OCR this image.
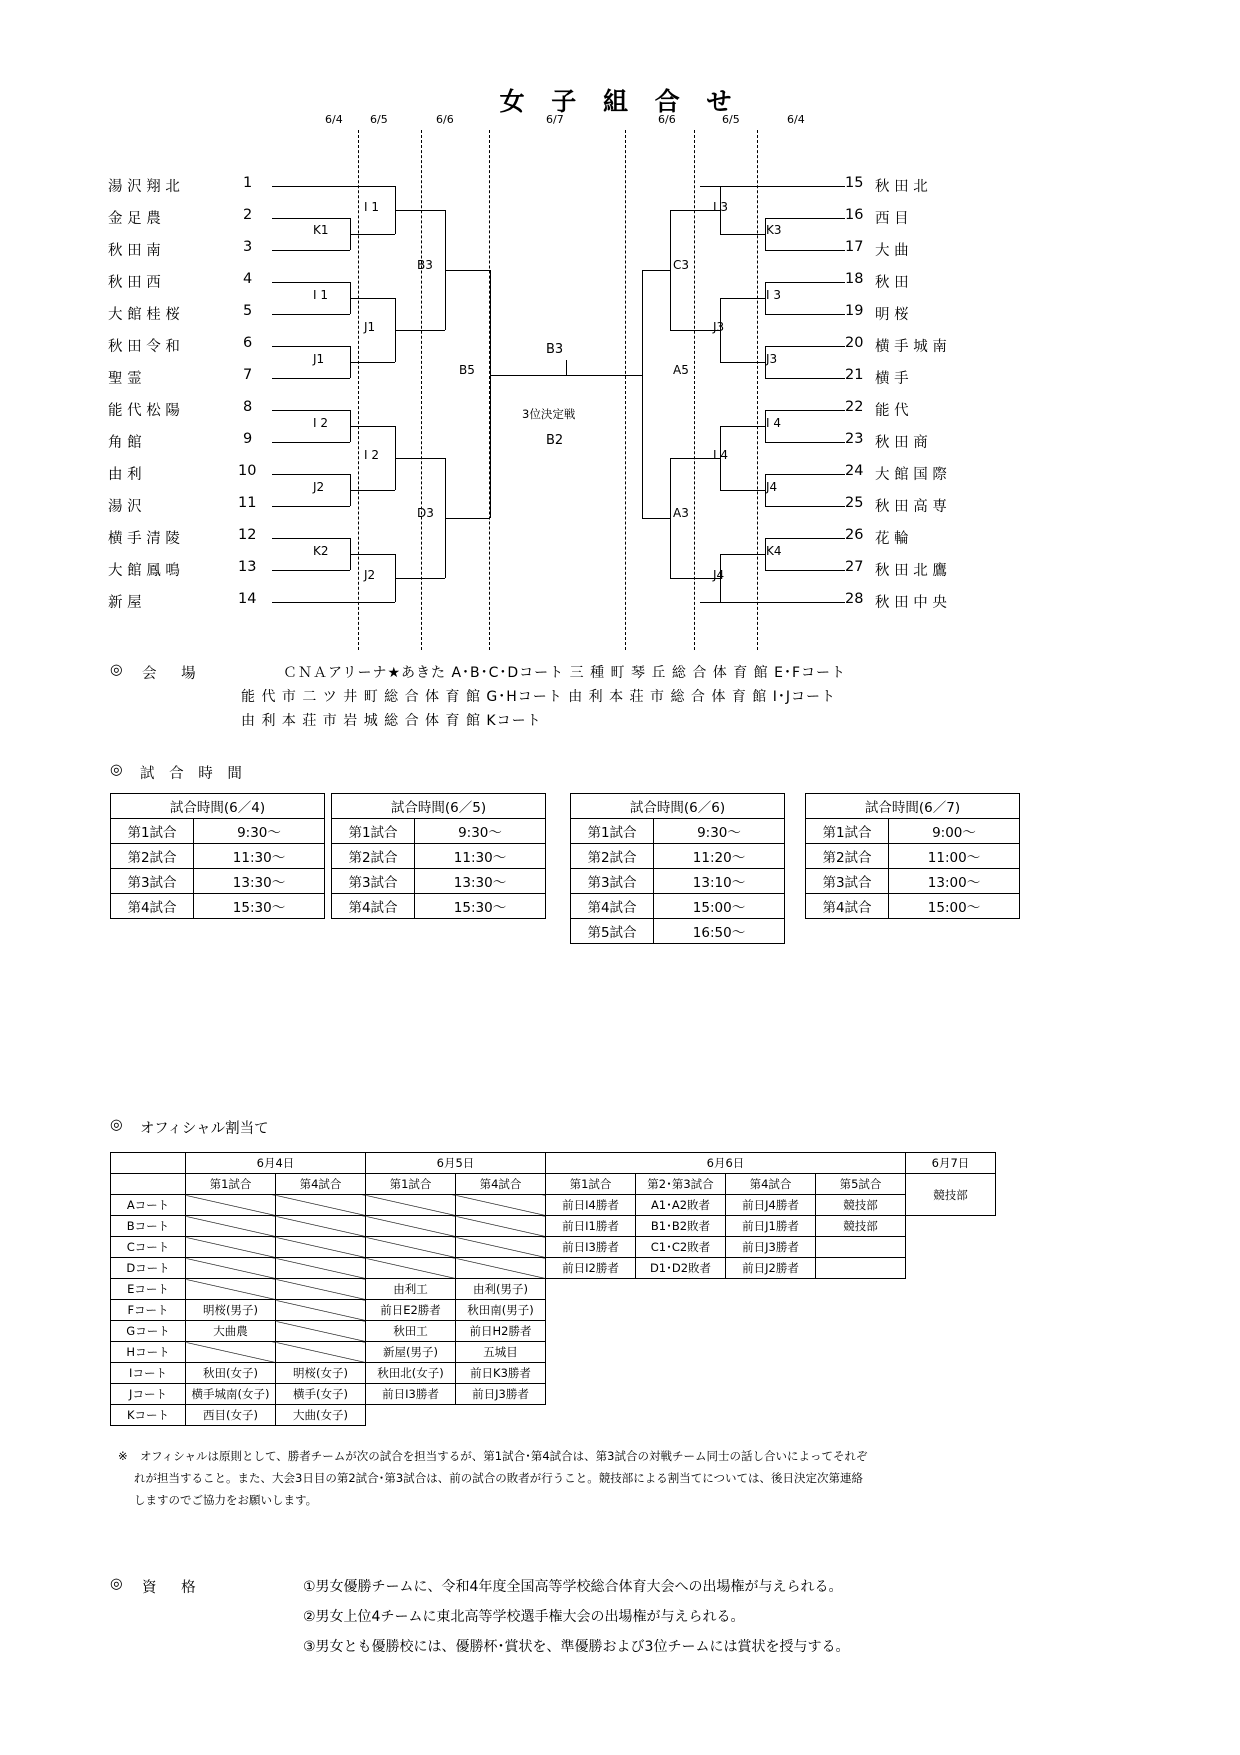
女 子 組 合 せ
6/4 6/5	6/6	6/7	6/6	6/5	6/4
湯 沢 翔 北	1
金 足 農	2
秋 田 南	3
秋 田 西	4
大 館 桂 桜	5
秋 田 令 和	6
聖 霊	7
能 代 松 陽	8
角 館	9
由 利	10
湯 沢	11
横 手 清 陵	12
大 館 鳳 鳴	13
新 屋	14
15 秋 田 北
16 西 目
17 大 曲
18 秋 田
19 明 桜
20 横 手 城 南
21 横 手
22 能 代
23 秋 田 商
24 大 館 国 際
25 秋 田 高 専
26 花 輪
27 秋 田 北 鷹
28 秋 田 中 央
I 1
K1
I 1
J1
J1
B3
I 2
I 2
J2
K2
J2
D3
B5
I 3
K3
I 3
J3
J3
C3
I 4
I 4
J4
K4
J4
A3
A5
B3
3位決定戦
B2
◎ 会 場	ＣＮＡアリーナ★あきた A･B･C･Dコート 三 種 町 琴 丘 総 合 体 育 館 E･Fコート
能 代 市 二 ツ 井 町 総 合 体 育 館 G･Hコート 由 利 本 荘 市 総 合 体 育 館 I･Jコート
由 利 本 荘 市 岩 城 総 合 体 育 館 Kコート
◎ 試 合 時 間
試合時間(6／4)	
第1試合	9:30～
第2試合	11:30～
第3試合	13:30～
第4試合	15:30～
試合時間(6／5)	
第1試合	9:30～
第2試合	11:30～
第3試合	13:30～
第4試合	15:30～
試合時間(6／6)	
第1試合	9:30～
第2試合	11:20～
第3試合	13:10～
第4試合	15:00～
第5試合	16:50～
試合時間(6／7)	
第1試合	9:00～
第2試合	11:00～
第3試合	13:00～
第4試合	15:00～
◎ オフィシャル割当て
	6月4日		6月5日		6月6日				6月7日
	第1試合	第4試合	第1試合	第4試合	第1試合	第2･第3試合	第4試合	第5試合	競技部
Aコート					前日I4勝者	A1･A2敗者	前日J4勝者	競技部	
Bコート					前日I1勝者	B1･B2敗者	前日J1勝者	競技部	
Cコート					前日I3勝者	C1･C2敗者	前日J3勝者		
Dコート					前日I2勝者	D1･D2敗者	前日J2勝者		
Eコート			由利工	由利(男子)					
Fコート	明桜(男子)		前日E2勝者	秋田南(男子)					
Gコート	大曲農		秋田工	前日H2勝者					
Hコート			新屋(男子)	五城目					
Iコート	秋田(女子)	明桜(女子)	秋田北(女子)	前日K3勝者					
Jコート	横手城南(女子)	横手(女子)	前日I3勝者	前日J3勝者					
Kコート	西目(女子)	大曲(女子)							
※ オフィシャルは原則として、勝者チームが次の試合を担当するが、第1試合･第4試合は、第3試合の対戦チーム同士の話し合いによってそれぞ
れが担当すること。また、大会3日目の第2試合･第3試合は、前の試合の敗者が行うこと。競技部による割当てについては、後日決定次第連絡
しますのでご協力をお願いします。
◎ 資 格	①男女優勝チームに、令和4年度全国高等学校総合体育大会への出場権が与えられる。
②男女上位4チームに東北高等学校選手権大会の出場権が与えられる。
③男女とも優勝校には、優勝杯･賞状を、準優勝および3位チームには賞状を授与する。
